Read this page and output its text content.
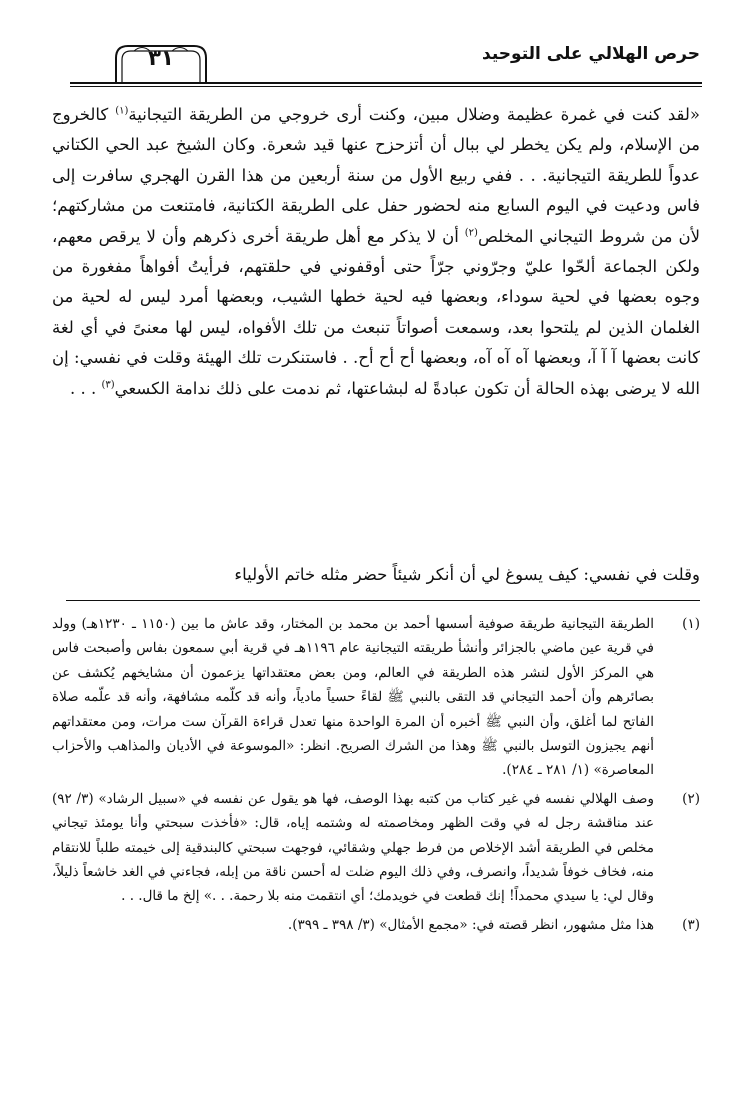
حرص الهلالي على التوحيد
٣١

«لقد كنت في غمرة عظيمة وضلال مبين، وكنت أرى خروجي من الطريقة التيجانية$^{(١)}$ كالخروج من الإسلام، ولم يكن يخطر لي ببال أن أتزحزح عنها قيد شعرة. وكان الشيخ عبد الحي الكتاني عدواً للطريقة التيجانية. . . ففي ربيع الأول من سنة أربعين من هذا القرن الهجري سافرت إلى فاس ودعيت في اليوم السابع منه لحضور حفل على الطريقة الكتانية، فامتنعت من مشاركتهم؛ لأن من شروط التيجاني المخلص$^{(٢)}$ أن لا يذكر مع أهل طريقة أخرى ذكرهم وأن لا يرقص معهم، ولكن الجماعة ألحّوا عليّ وجرّوني جرّاً حتى أوقفوني في حلقتهم، فرأيتُ أفواهاً مفغورة من وجوه بعضها في لحية سوداء، وبعضها فيه لحية خطها الشيب، وبعضها أمرد ليس له لحية من الغلمان الذين لم يلتحوا بعد، وسمعت أصواتاً تنبعث من تلك الأفواه، ليس لها معنىً في أي لغة كانت بعضها آ آ آ، وبعضها آه آه آه، وبعضها أح أح أح. . فاستنكرت تلك الهيئة وقلت في نفسي: إن الله لا يرضى بهذه الحالة أن تكون عبادةً له لبشاعتها، ثم ندمت على ذلك ندامة الكسعي$^{(٣)}$ . . .

وقلت في نفسي: كيف يسوغ لي أن أنكر شيئاً حضر مثله خاتم الأولياء
(١)
الطريقة التيجانية طريقة صوفية أسسها أحمد بن محمد بن المختار، وقد عاش ما بين (١١٥٠ ـ ١٢٣٠هـ) وولد في قرية عين ماضي بالجزائر وأنشأ طريقته التيجانية عام ١١٩٦هـ في قرية أبي سمعون بفاس وأصبحت فاس هي المركز الأول لنشر هذه الطريقة في العالم، ومن بعض معتقداتها يزعمون أن مشايخهم يُكشف عن بصائرهم وأن أحمد التيجاني قد التقى بالنبي ﷺ لقاءً حسياً مادياً، وأنه قد كلّمه مشافهة، وأنه قد علّمه صلاة الفاتح لما أغلق، وأن النبي ﷺ أخبره أن المرة الواحدة منها تعدل قراءة القرآن ست مرات، ومن معتقداتهم أنهم يجيزون التوسل بالنبي ﷺ وهذا من الشرك الصريح. انظر: «الموسوعة في الأديان والمذاهب والأحزاب المعاصرة» (١/ ٢٨١ ـ ٢٨٤).
(٢)
وصف الهلالي نفسه في غير كتاب من كتبه بهذا الوصف، فها هو يقول عن نفسه في «سبيل الرشاد» (٣/ ٩٢) عند مناقشة رجل له في وقت الظهر ومخاصمته له وشتمه إياه، قال: «فأخذت سبحتي وأنا يومئذ تيجاني مخلص في الطريقة أشد الإخلاص من فرط جهلي وشقائي، فوجهت سبحتي كالبندقية إلى خيمته طلباً للانتقام منه، فخاف خوفاً شديداً، وانصرف، وفي ذلك اليوم ضلت له أحسن ناقة من إبله، فجاءني في الغد خاشعاً ذليلاً، وقال لي: يا سيدي محمداً! إنك قطعت في خويدمك؛ أي انتقمت منه بلا رحمة. . .» إلخ ما قال. . .
(٣)
هذا مثل مشهور، انظر قصته في: «مجمع الأمثال» (٣/ ٣٩٨ ـ ٣٩٩).
